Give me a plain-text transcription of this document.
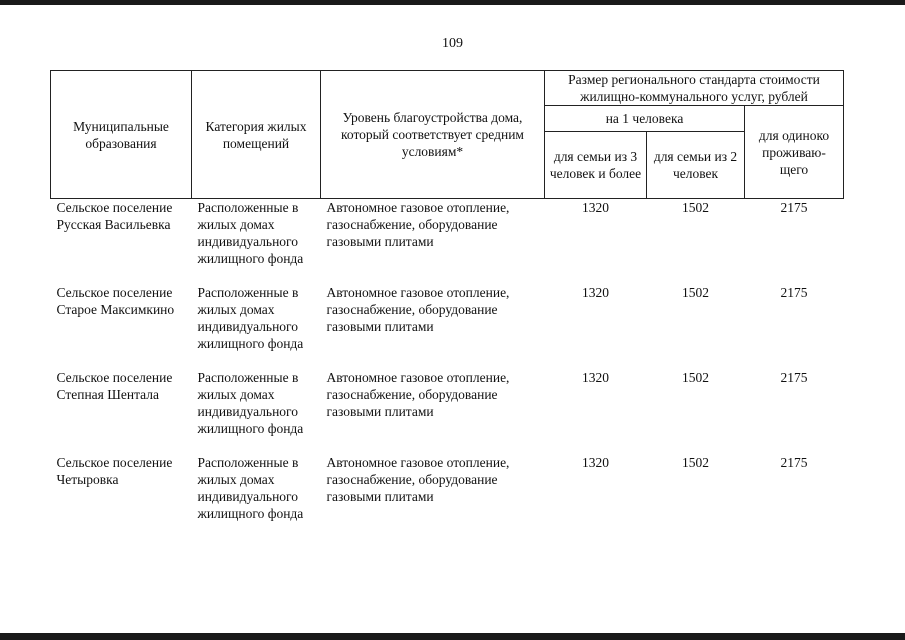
109
Муниципальные образования	Категория жилых помещений	Уровень благоустройства дома, который соответствует средним условиям*	Размер регионального стандарта стоимости жилищно-коммунального услуг, рублей		
			на 1 человека		для одиноко проживаю-щего
			для семьи из 3 человек и более	для семьи из 2 человек	
Сельское поселение Русская Васильевка	Расположенные в жилых домах индивидуального жилищного фонда	Автономное газовое отопление, газоснабжение, оборудование газовыми плитами	1320	1502	2175
Сельское поселение Старое Максимкино	Расположенные в жилых домах индивидуального жилищного фонда	Автономное газовое отопление, газоснабжение, оборудование газовыми плитами	1320	1502	2175
Сельское поселение Степная Шентала	Расположенные в жилых домах индивидуального жилищного фонда	Автономное газовое отопление, газоснабжение, оборудование газовыми плитами	1320	1502	2175
Сельское поселение Четыровка	Расположенные в жилых домах индивидуального жилищного фонда	Автономное газовое отопление, газоснабжение, оборудование газовыми плитами	1320	1502	2175
